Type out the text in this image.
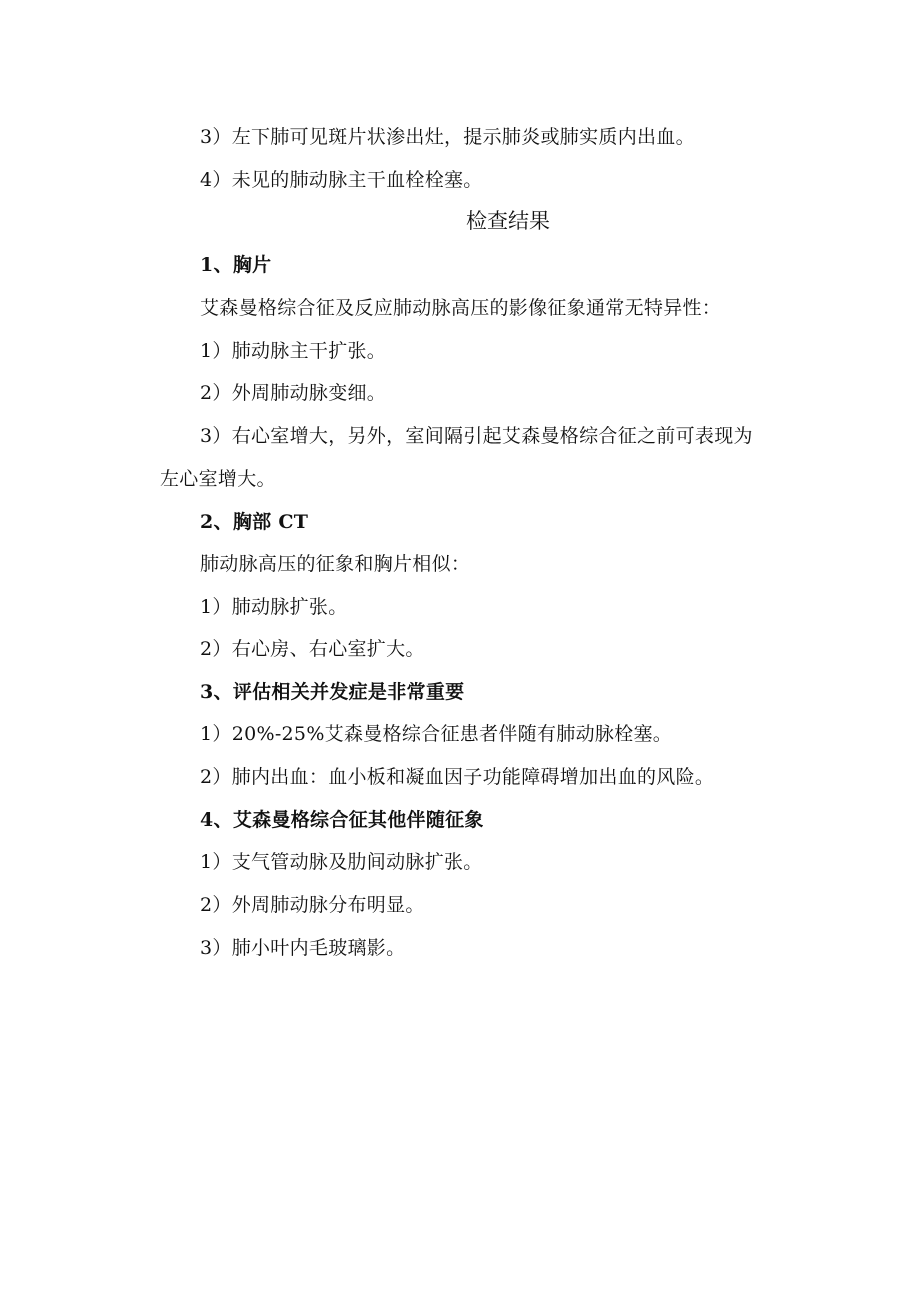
3）左下肺可见斑片状渗出灶，提示肺炎或肺实质内出血。
4）未见的肺动脉主干血栓栓塞。
检查结果
1、胸片
艾森曼格综合征及反应肺动脉高压的影像征象通常无特异性：
1）肺动脉主干扩张。
2）外周肺动脉变细。
3）右心室增大，另外，室间隔引起艾森曼格综合征之前可表现为
左心室增大。
2、胸部 CT
肺动脉高压的征象和胸片相似：
1）肺动脉扩张。
2）右心房、右心室扩大。
3、评估相关并发症是非常重要
1）20%-25%艾森曼格综合征患者伴随有肺动脉栓塞。
2）肺内出血：血小板和凝血因子功能障碍增加出血的风险。
4、艾森曼格综合征其他伴随征象
1）支气管动脉及肋间动脉扩张。
2）外周肺动脉分布明显。
3）肺小叶内毛玻璃影。
